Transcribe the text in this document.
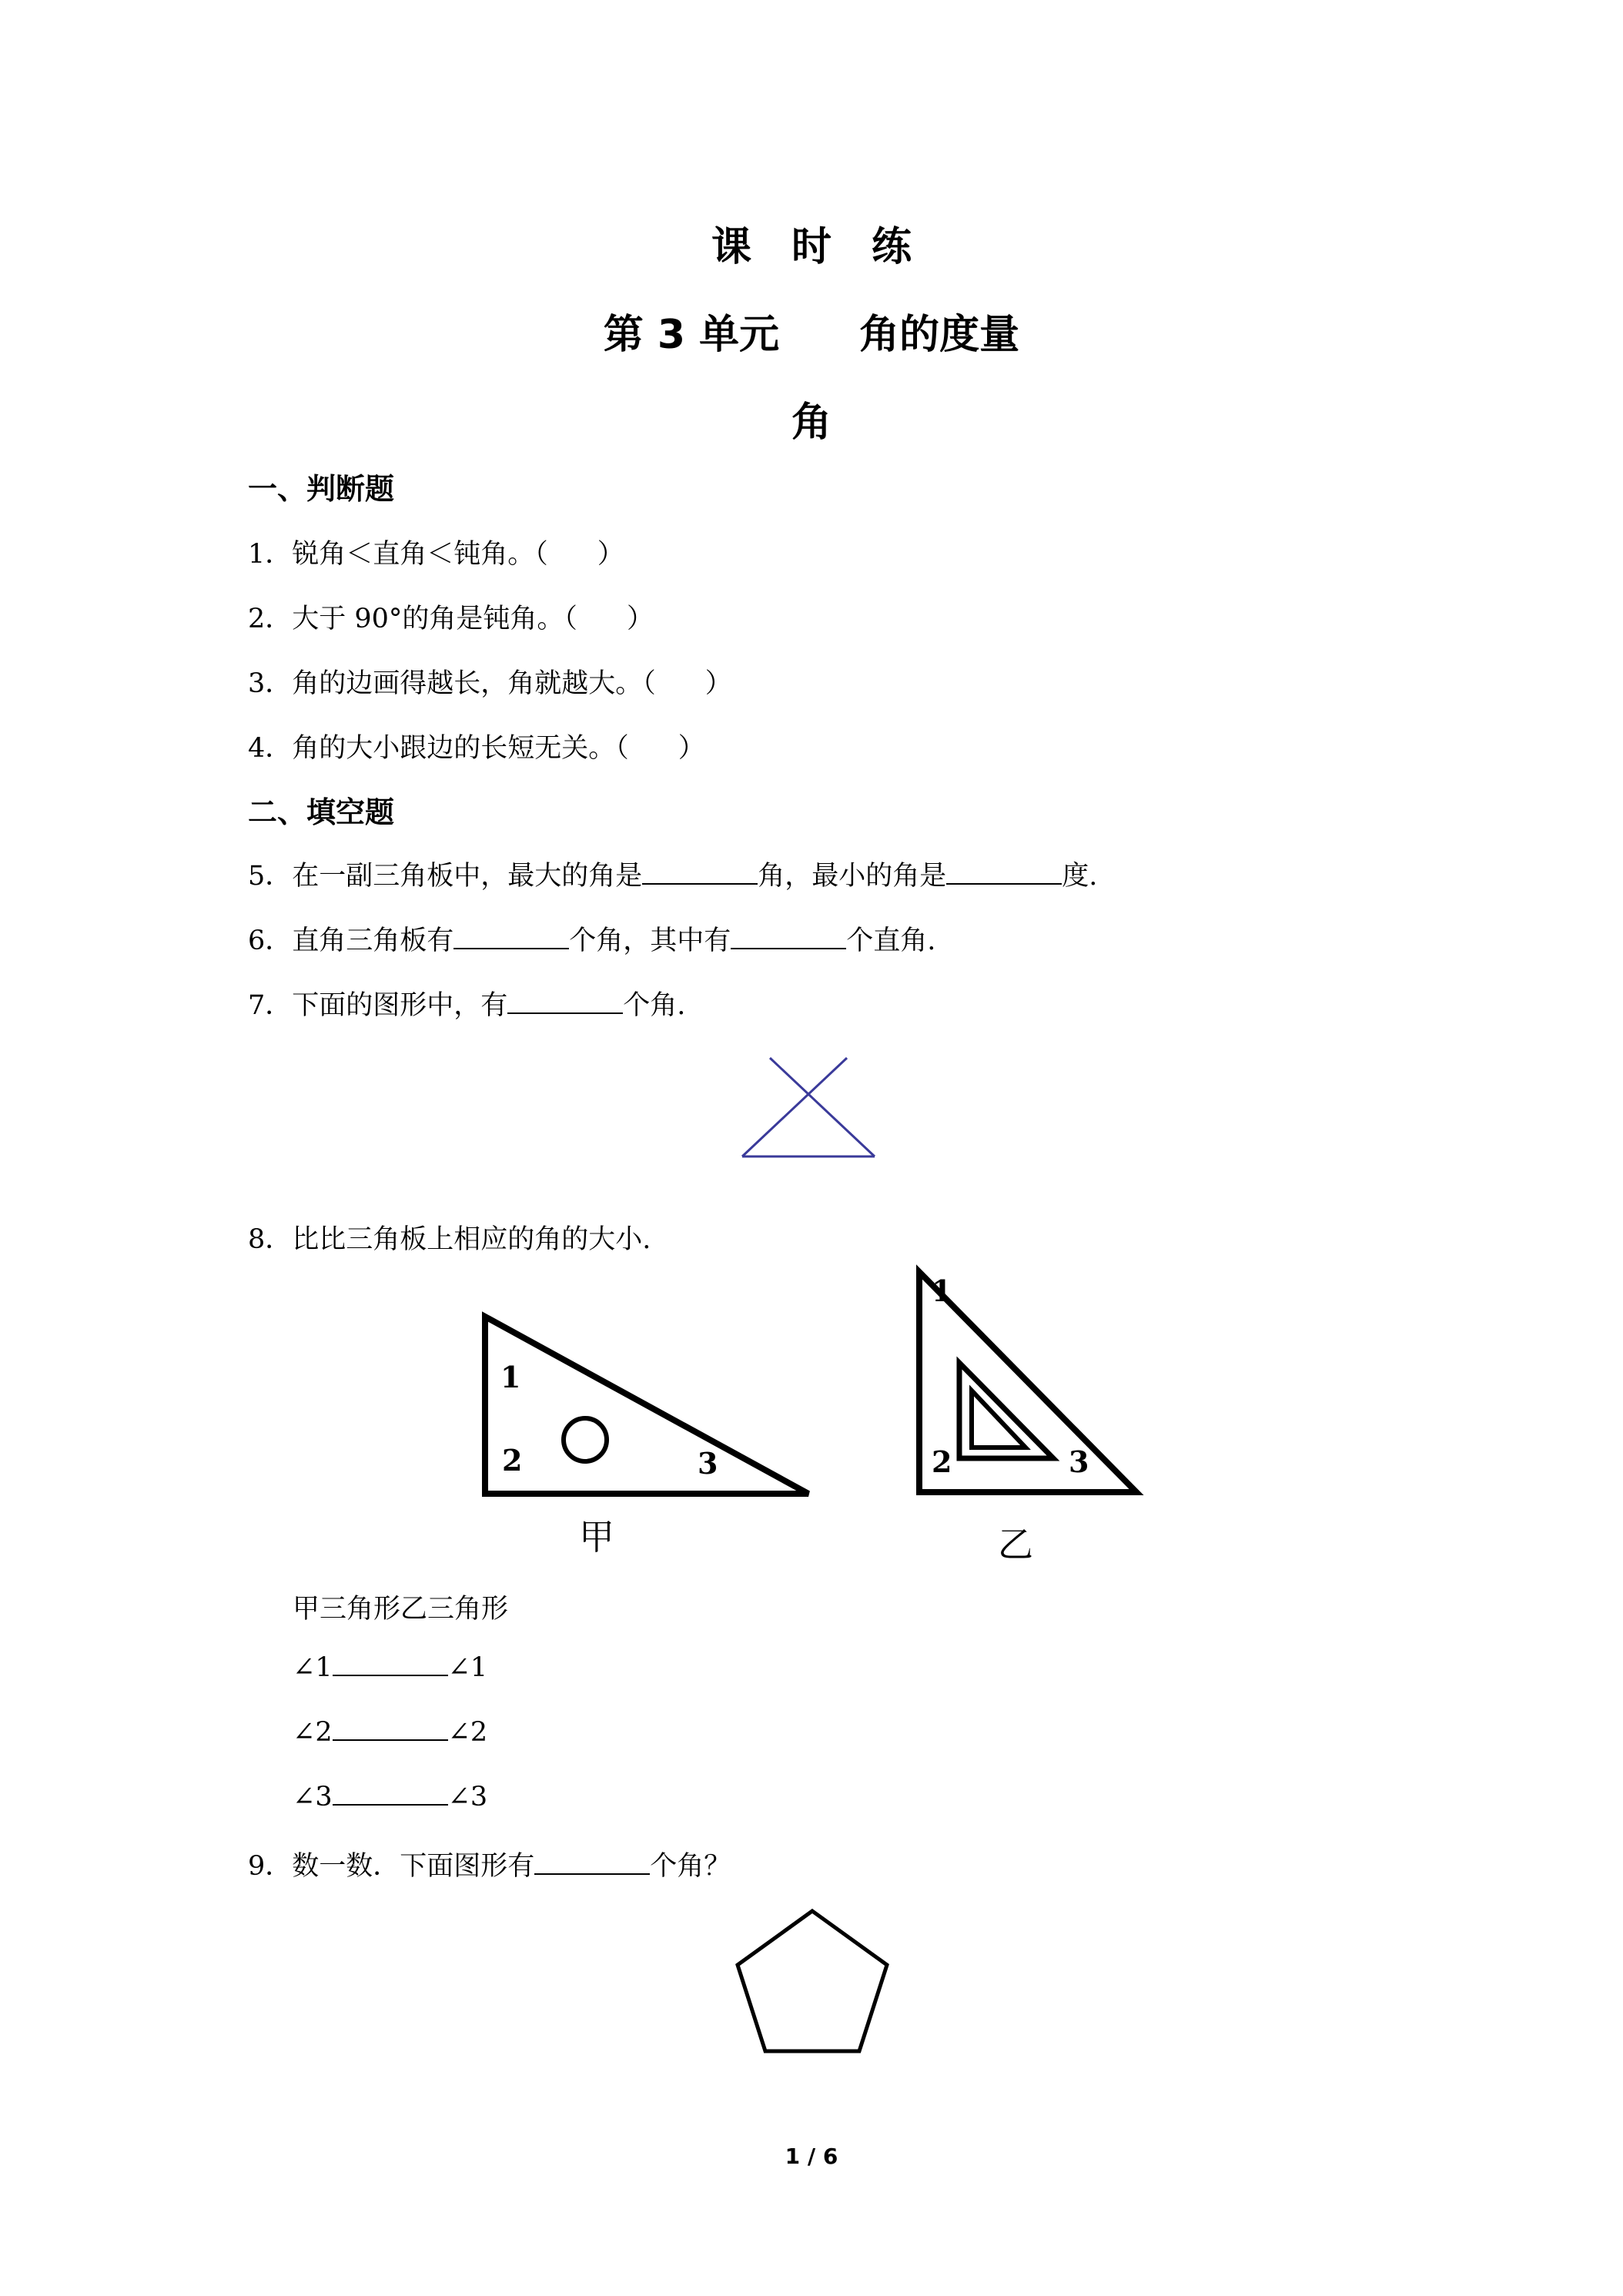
课　时　练
第 3 单元　　角的度量
角
一、判断题
1．锐角＜直角＜钝角。（ ）
2．大于 90°的角是钝角。（ ）
3．角的边画得越长，角就越大。（ ）
4．角的大小跟边的长短无关。（ ）
二、填空题
5．在一副三角板中，最大的角是	角，最小的角是	度.
6．直角三角板有	个角，其中有	个直角.
7．下面的图形中，有	个角.
8．比比三角板上相应的角的大小.
1
2	3
甲
1
2	3
乙
甲三角形乙三角形
∠1	∠1
∠2	∠2
∠3	∠3
9．数一数．下面图形有	个角？
1 / 6
